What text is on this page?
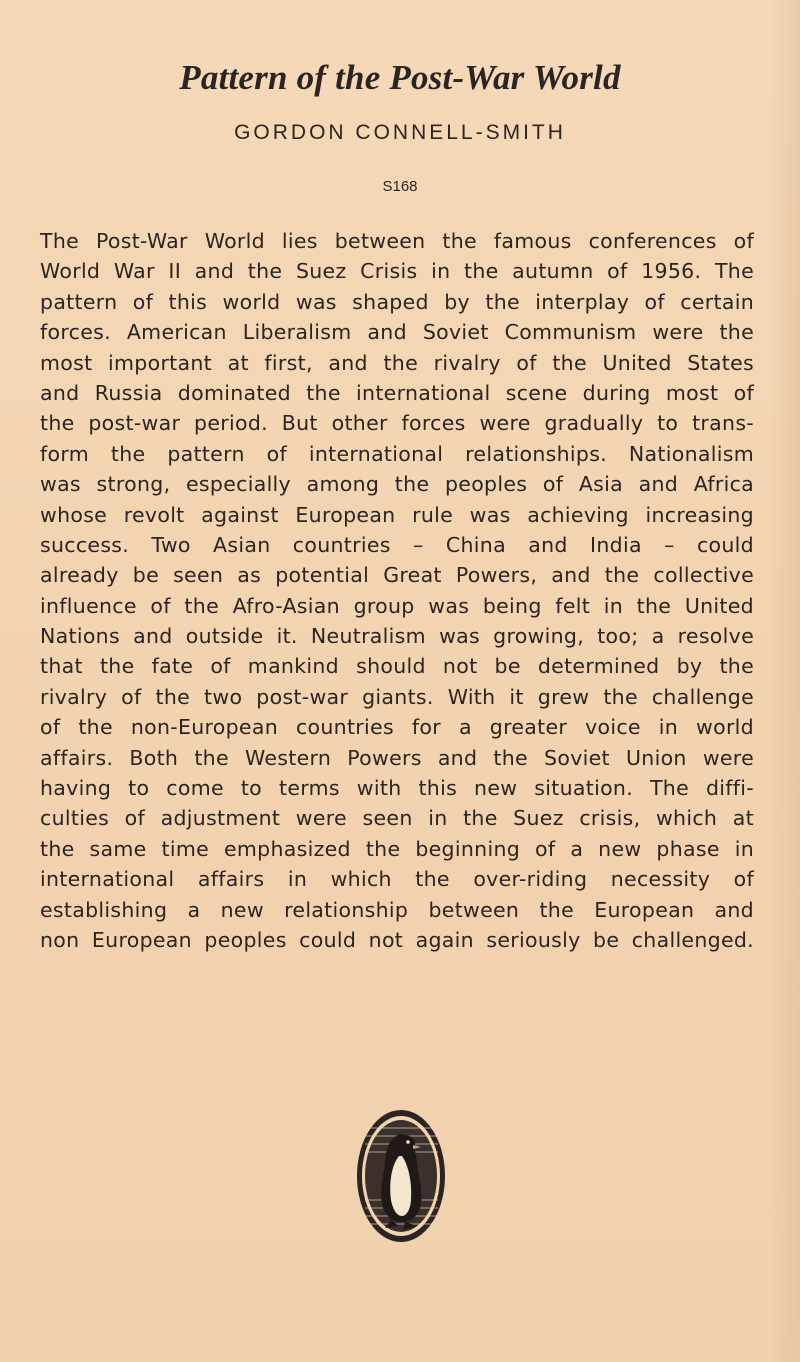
Pattern of the Post-War World
GORDON CONNELL-SMITH
S168
The Post-War World lies between the famous conferences of
World War II and the Suez Crisis in the autumn of 1956. The
pattern of this world was shaped by the interplay of certain
forces. American Liberalism and Soviet Communism were the
most important at first, and the rivalry of the United States
and Russia dominated the international scene during most of
the post-war period. But other forces were gradually to trans-
form the pattern of international relationships. Nationalism
was strong, especially among the peoples of Asia and Africa
whose revolt against European rule was achieving increasing
success. Two Asian countries – China and India – could
already be seen as potential Great Powers, and the collective
influence of the Afro-Asian group was being felt in the United
Nations and outside it. Neutralism was growing, too; a resolve
that the fate of mankind should not be determined by the
rivalry of the two post-war giants. With it grew the challenge
of the non-European countries for a greater voice in world
affairs. Both the Western Powers and the Soviet Union were
having to come to terms with this new situation. The diffi-
culties of adjustment were seen in the Suez crisis, which at
the same time emphasized the beginning of a new phase in
international affairs in which the over-riding necessity of
establishing a new relationship between the European and
non European peoples could not again seriously be challenged.
